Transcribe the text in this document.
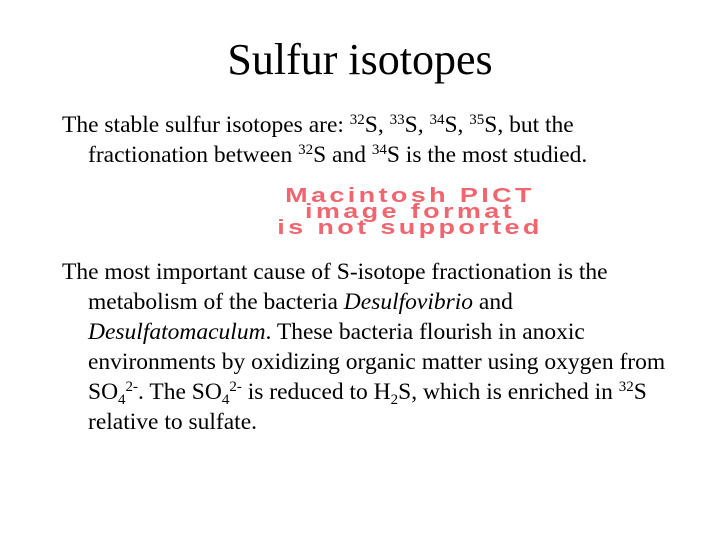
Sulfur isotopes
The stable sulfur isotopes are: $^{32}$S, $^{33}$S, $^{34}$S, $^{35}$S, but the fractionation between $^{32}$S and $^{34}$S is the most studied.
Macintosh PICT
image format
is not supported
The most important cause of S-isotope fractionation is the metabolism of the bacteria Desulfovibrio and Desulfatomaculum. These bacteria flourish in anoxic environments by oxidizing organic matter using oxygen from $SO_4^{2-}$. The $SO_4^{2-}$ is reduced to $H_2S$, which is enriched in $^{32}$S relative to sulfate.
